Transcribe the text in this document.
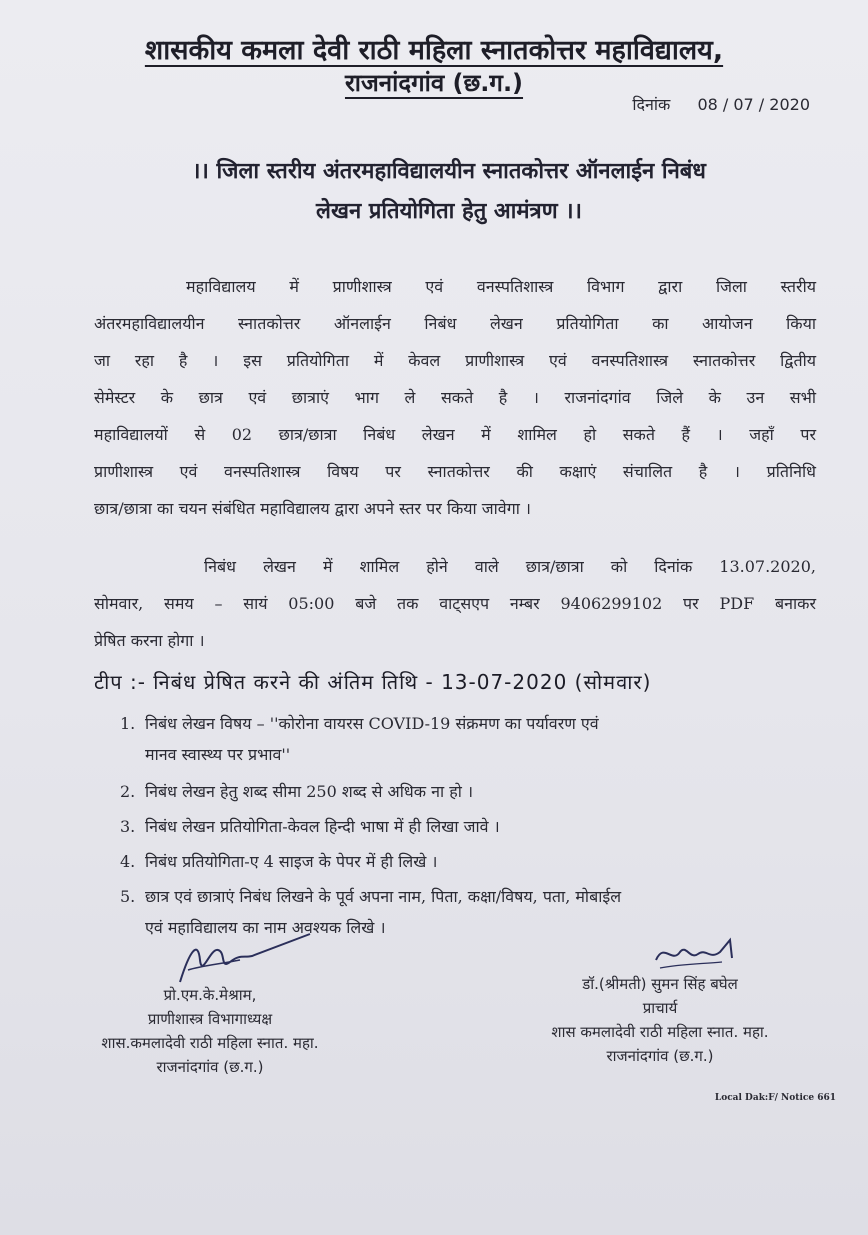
शासकीय कमला देवी राठी महिला स्नातकोत्तर महाविद्यालय,
राजनांदगांव (छ.ग.)
दिनांक 08 / 07 / 2020
।। जिला स्तरीय अंतरमहाविद्यालयीन स्नातकोत्तर ऑनलाईन निबंध
लेखन प्रतियोगिता हेतु आमंत्रण ।।
महाविद्यालय में प्राणीशास्त्र एवं वनस्पतिशास्त्र विभाग द्वारा जिला स्तरीय
अंतरमहाविद्यालयीन स्नातकोत्तर ऑनलाईन निबंध लेखन प्रतियोगिता का आयोजन किया
जा रहा है । इस प्रतियोगिता में केवल प्राणीशास्त्र एवं वनस्पतिशास्त्र स्नातकोत्तर द्वितीय
सेमेस्टर के छात्र एवं छात्राएं भाग ले सकते है । राजनांदगांव जिले के उन सभी
महाविद्यालयों से 02 छात्र/छात्रा निबंध लेखन में शामिल हो सकते हैं । जहाँ पर
प्राणीशास्त्र एवं वनस्पतिशास्त्र विषय पर स्नातकोत्तर की कक्षाएं संचालित है । प्रतिनिधि
छात्र/छात्रा का चयन संबंधित महाविद्यालय द्वारा अपने स्तर पर किया जावेगा ।
निबंध लेखन में शामिल होने वाले छात्र/छात्रा को दिनांक 13.07.2020,
सोमवार, समय – सायं 05:00 बजे तक वाट्सएप नम्बर 9406299102 पर PDF बनाकर
प्रेषित करना होगा ।
टीप :- निबंध प्रेषित करने की अंतिम तिथि - 13-07-2020 (सोमवार)
1. निबंध लेखन विषय – ''कोरोना वायरस COVID-19 संक्रमण का पर्यावरण एवं
मानव स्वास्थ्य पर प्रभाव''
2. निबंध लेखन हेतु शब्द सीमा 250 शब्द से अधिक ना हो ।
3. निबंध लेखन प्रतियोगिता-केवल हिन्दी भाषा में ही लिखा जावे ।
4. निबंध प्रतियोगिता-ए 4 साइज के पेपर में ही लिखे ।
5. छात्र एवं छात्राएं निबंध लिखने के पूर्व अपना नाम, पिता, कक्षा/विषय, पता, मोबाईल
एवं महाविद्यालय का नाम अवश्यक लिखे ।
प्रो.एम.के.मेश्राम,
प्राणीशास्त्र विभागाध्यक्ष
शास.कमलादेवी राठी महिला स्नात. महा.
राजनांदगांव (छ.ग.)
डॉ.(श्रीमती) सुमन सिंह बघेल
प्राचार्य
शास कमलादेवी राठी महिला स्नात. महा.
राजनांदगांव (छ.ग.)
Local Dak:F/ Notice 661
